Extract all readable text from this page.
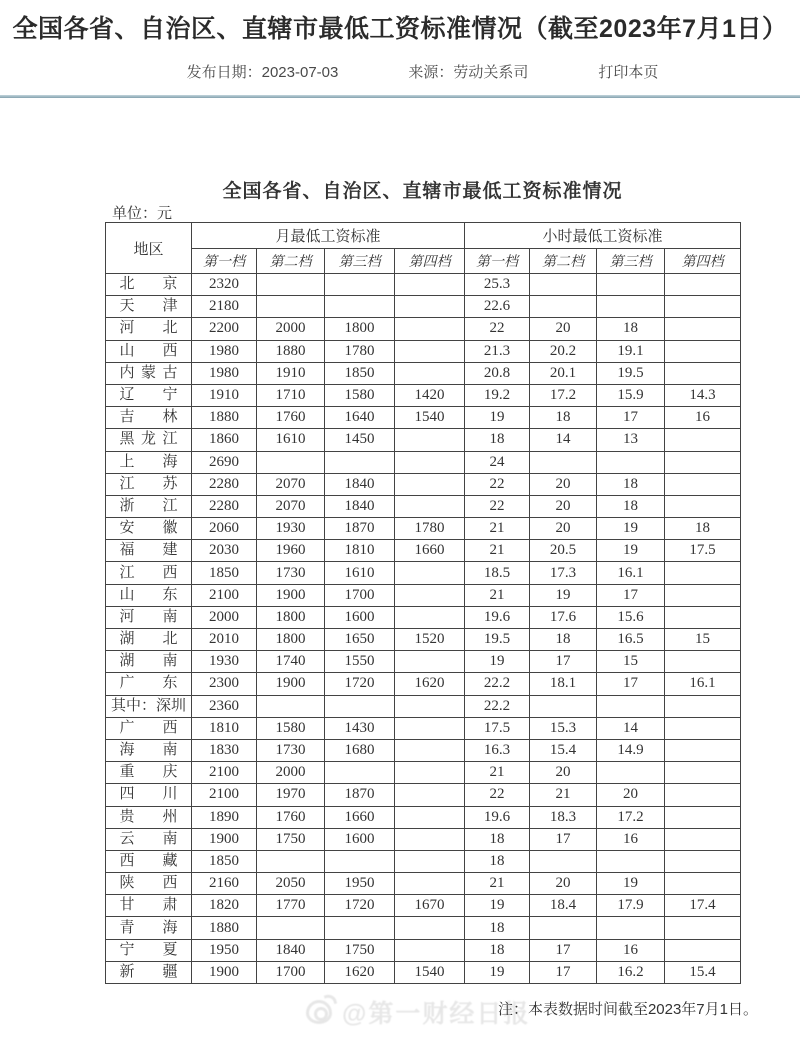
全国各省、自治区、直辖市最低工资标准情况（截至2023年7月1日）
发布日期：2023-07-03	来源：劳动关系司	打印本页
全国各省、自治区、直辖市最低工资标准情况
单位：元
地区	月最低工资标准				小时最低工资标准			
	第一档	第二档	第三档	第四档	第一档	第二档	第三档	第四档
北京	2320				25.3			
天津	2180				22.6			
河北	2200	2000	1800		22	20	18	
山西	1980	1880	1780		21.3	20.2	19.1	
内蒙古	1980	1910	1850		20.8	20.1	19.5	
辽宁	1910	1710	1580	1420	19.2	17.2	15.9	14.3
吉林	1880	1760	1640	1540	19	18	17	16
黑龙江	1860	1610	1450		18	14	13	
上海	2690				24			
江苏	2280	2070	1840		22	20	18	
浙江	2280	2070	1840		22	20	18	
安徽	2060	1930	1870	1780	21	20	19	18
福建	2030	1960	1810	1660	21	20.5	19	17.5
江西	1850	1730	1610		18.5	17.3	16.1	
山东	2100	1900	1700		21	19	17	
河南	2000	1800	1600		19.6	17.6	15.6	
湖北	2010	1800	1650	1520	19.5	18	16.5	15
湖南	1930	1740	1550		19	17	15	
广东	2300	1900	1720	1620	22.2	18.1	17	16.1
其中：深圳	2360				22.2			
广西	1810	1580	1430		17.5	15.3	14	
海南	1830	1730	1680		16.3	15.4	14.9	
重庆	2100	2000			21	20		
四川	2100	1970	1870		22	21	20	
贵州	1890	1760	1660		19.6	18.3	17.2	
云南	1900	1750	1600		18	17	16	
西藏	1850				18			
陕西	2160	2050	1950		21	20	19	
甘肃	1820	1770	1720	1670	19	18.4	17.9	17.4
青海	1880				18			
宁夏	1950	1840	1750		18	17	16	
新疆	1900	1700	1620	1540	19	17	16.2	15.4
注：本表数据时间截至2023年7月1日。
@第一财经日报
